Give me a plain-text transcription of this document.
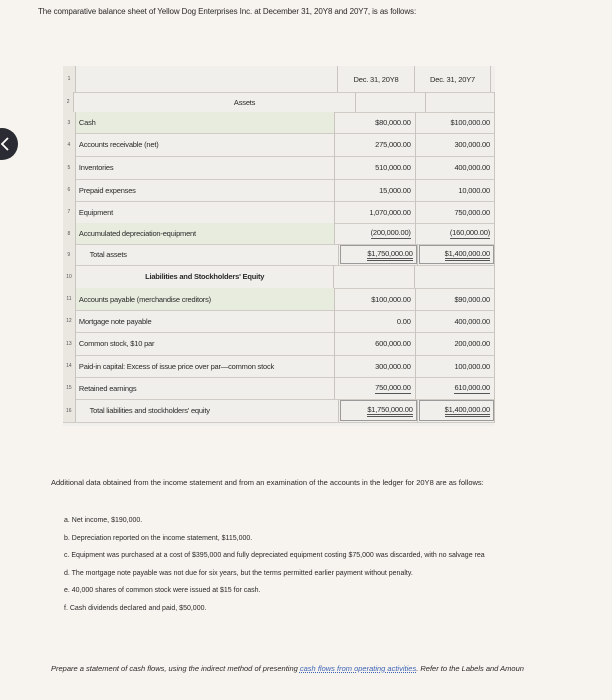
The comparative balance sheet of Yellow Dog Enterprises Inc. at December 31, 20Y8 and 20Y7, is as follows:
1	Dec. 31, 20Y8	Dec. 31, 20Y7
2	Assets
3	Cash	$80,000.00	$100,000.00
4	Accounts receivable (net)	275,000.00	300,000.00
5	Inventories	510,000.00	400,000.00
6	Prepaid expenses	15,000.00	10,000.00
7	Equipment	1,070,000.00	750,000.00
8	Accumulated depreciation-equipment	(200,000.00)	(160,000.00)
9	Total assets	$1,750,000.00	$1,400,000.00
10	Liabilities and Stockholders' Equity
11 Accounts payable (merchandise creditors)	$100,000.00	$90,000.00
12 Mortgage note payable	0.00	400,000.00
13 Common stock, $10 par	600,000.00	200,000.00
14 Paid-in capital: Excess of issue price over par—common stock	300,000.00	100,000.00
15 Retained earnings	750,000.00	610,000.00
16	Total liabilities and stockholders' equity	$1,750,000.00	$1,400,000.00
Additional data obtained from the income statement and from an examination of the accounts in the ledger for 20Y8 are as follows:
a. Net income, $190,000.
b. Depreciation reported on the income statement, $115,000.
c. Equipment was purchased at a cost of $395,000 and fully depreciated equipment costing $75,000 was discarded, with no salvage rea
d. The mortgage note payable was not due for six years, but the terms permitted earlier payment without penalty.
e. 40,000 shares of common stock were issued at $15 for cash.
f. Cash dividends declared and paid, $50,000.
Prepare a statement of cash flows, using the indirect method of presenting cash flows from operating activities. Refer to the Labels and Amoun
